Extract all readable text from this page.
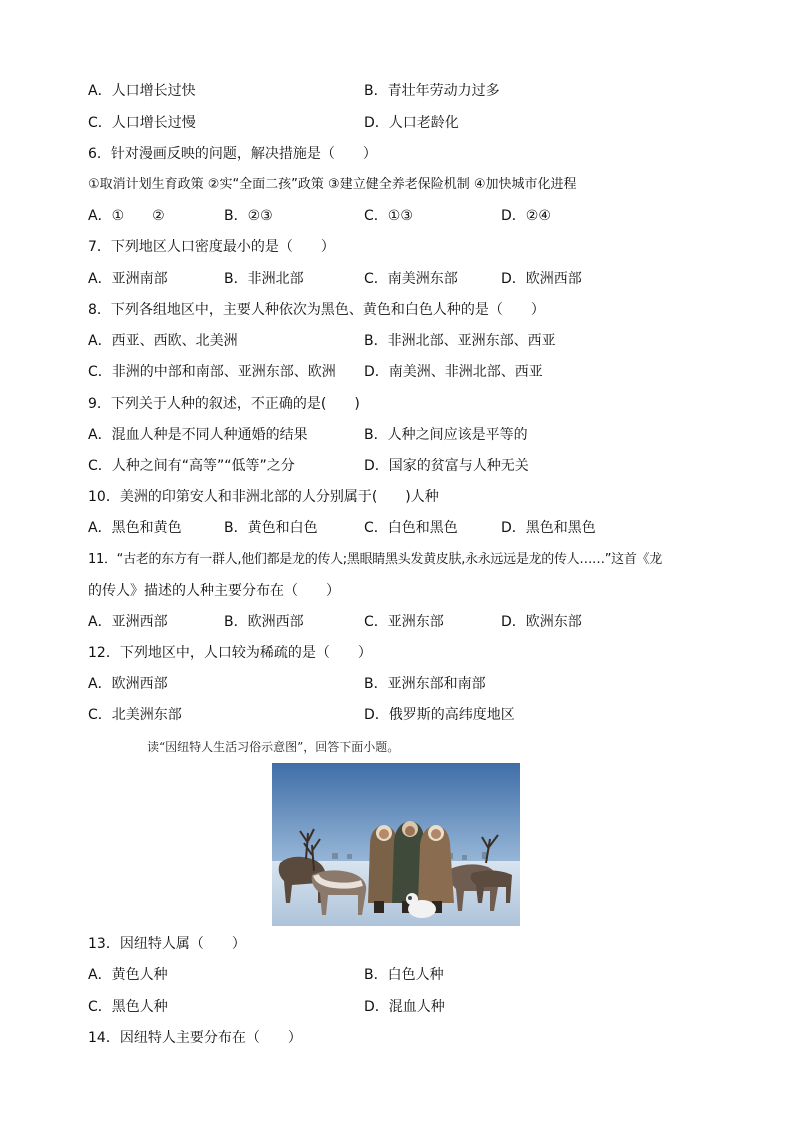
A．人口增长过快	B．青壮年劳动力过多
C．人口增长过慢	D．人口老龄化
6．针对漫画反映的问题，解决措施是（　　）
①取消计划生育政策 ②实“全面二孩”政策 ③建立健全养老保险机制 ④加快城市化进程
A．①　　②	B．②③	C．①③	D．②④
7．下列地区人口密度最小的是（　　）
A．亚洲南部	B．非洲北部	C．南美洲东部	D．欧洲西部
8．下列各组地区中，主要人种依次为黑色、黄色和白色人种的是（　　）
A．西亚、西欧、北美洲	B．非洲北部、亚洲东部、西亚
C．非洲的中部和南部、亚洲东部、欧洲 D．南美洲、非洲北部、西亚
9．下列关于人种的叙述，不正确的是(　　)
A．混血人种是不同人种通婚的结果	B．人种之间应该是平等的
C．人种之间有“高等”“低等”之分	D．国家的贫富与人种无关
10．美洲的印第安人和非洲北部的人分别属于(　　)人种
A．黑色和黄色	B．黄色和白色	C．白色和黑色	D．黑色和黑色
11．“古老的东方有一群人,他们都是龙的传人;黑眼睛黑头发黄皮肤,永永远远是龙的传人……”这首《龙
的传人》描述的人种主要分布在（　　）
A．亚洲西部	B．欧洲西部	C．亚洲东部	D．欧洲东部
12．下列地区中，人口较为稀疏的是（　　）
A．欧洲西部	B．亚洲东部和南部
C．北美洲东部	D．俄罗斯的高纬度地区
读“因纽特人生活习俗示意图”，回答下面小题。
13．因纽特人属（　　）
A．黄色人种	B．白色人种
C．黑色人种	D．混血人种
14．因纽特人主要分布在（　　）
